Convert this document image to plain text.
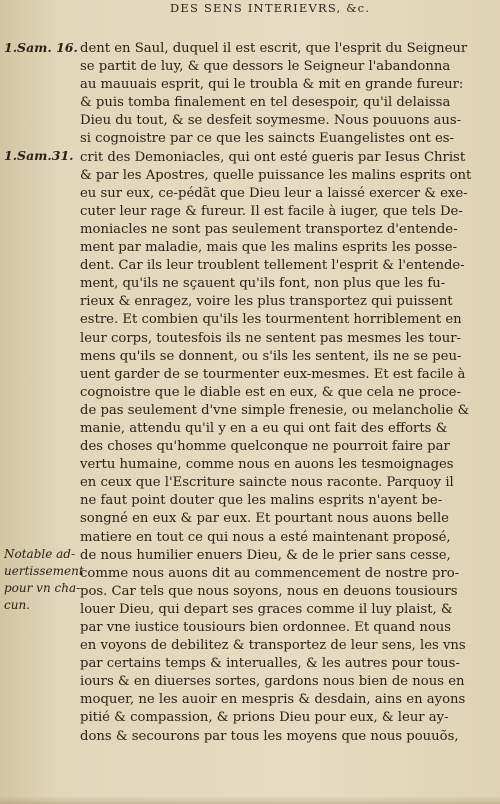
DES SENS INTERIEVRS, &c.
1.Sam. 16.
1.Sam.31.
Notable ad-
uertissement
pour vn cha-
cun.
dent en Saul, duquel il est escrit, que l'esprit du Seigneur
se partit de luy, & que dessors le Seigneur l'abandonna
au mauuais esprit, qui le troubla & mit en grande fureur:
& puis tomba finalement en tel desespoir, qu'il delaissa
Dieu du tout, & se desfeit soymesme. Nous pouuons aus-
si cognoistre par ce que les saincts Euangelistes ont es-
crit des Demoniacles, qui ont esté gueris par Iesus Christ
& par les Apostres, quelle puissance les malins esprits ont
eu sur eux, ce-pédãt que Dieu leur a laissé exercer & exe-
cuter leur rage & fureur. Il est facile à iuger, que tels De-
moniacles ne sont pas seulement transportez d'entende-
ment par maladie, mais que les malins esprits les posse-
dent. Car ils leur troublent tellement l'esprit & l'entende-
ment, qu'ils ne sçauent qu'ils font, non plus que les fu-
rieux & enragez, voire les plus transportez qui puissent
estre. Et combien qu'ils les tourmentent horriblement en
leur corps, toutesfois ils ne sentent pas mesmes les tour-
mens qu'ils se donnent, ou s'ils les sentent, ils ne se peu-
uent garder de se tourmenter eux-mesmes. Et est facile à
cognoistre que le diable est en eux, & que cela ne proce-
de pas seulement d'vne simple frenesie, ou melancholie &
manie, attendu qu'il y en a eu qui ont fait des efforts &
des choses qu'homme quelconque ne pourroit faire par
vertu humaine, comme nous en auons les tesmoignages
en ceux que l'Escriture saincte nous raconte. Parquoy il
ne faut point douter que les malins esprits n'ayent be-
songné en eux & par eux. Et pourtant nous auons belle
matiere en tout ce qui nous a esté maintenant proposé,
de nous humilier enuers Dieu, & de le prier sans cesse,
comme nous auons dit au commencement de nostre pro-
pos. Car tels que nous soyons, nous en deuons tousiours
louer Dieu, qui depart ses graces comme il luy plaist, &
par vne iustice tousiours bien ordonnee. Et quand nous
en voyons de debilitez & transportez de leur sens, les vns
par certains temps & interualles, & les autres pour tous-
iours & en diuerses sortes, gardons nous bien de nous en
moquer, ne les auoir en mespris & desdain, ains en ayons
pitié & compassion, & prions Dieu pour eux, & leur ay-
dons & secourons par tous les moyens que nous pouuõs,
